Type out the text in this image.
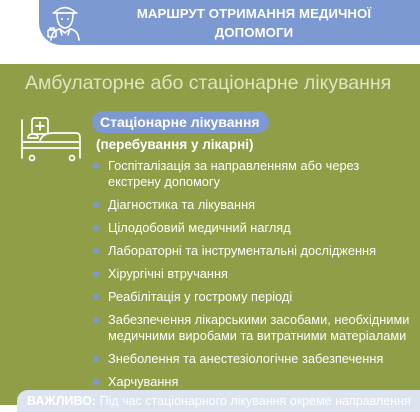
МАРШРУТ ОТРИМАННЯ МЕДИЧНОЇ ДОПОМОГИ
ДЛЯ ВЕТЕРАНІВ І ВЕТЕРАНОК ЗА ПМГ
Амбулаторне або стаціонарне лікування
Стаціонарне лікування
(перебування у лікарні)
Госпіталізація за направленням або через екстрену допомогу
Діагностика та лікування
Цілодобовий медичний нагляд
Лабораторні та інструментальні дослідження
Хірургічні втручання
Реабілітація у гострому періоді
Забезпечення лікарськими засобами, необхідними медичними виробами та витратними матеріалами
Знеболення та анестезіологічне забезпечення
Харчування
ВАЖЛИВО: Під час стаціонарного лікування окреме направлення
